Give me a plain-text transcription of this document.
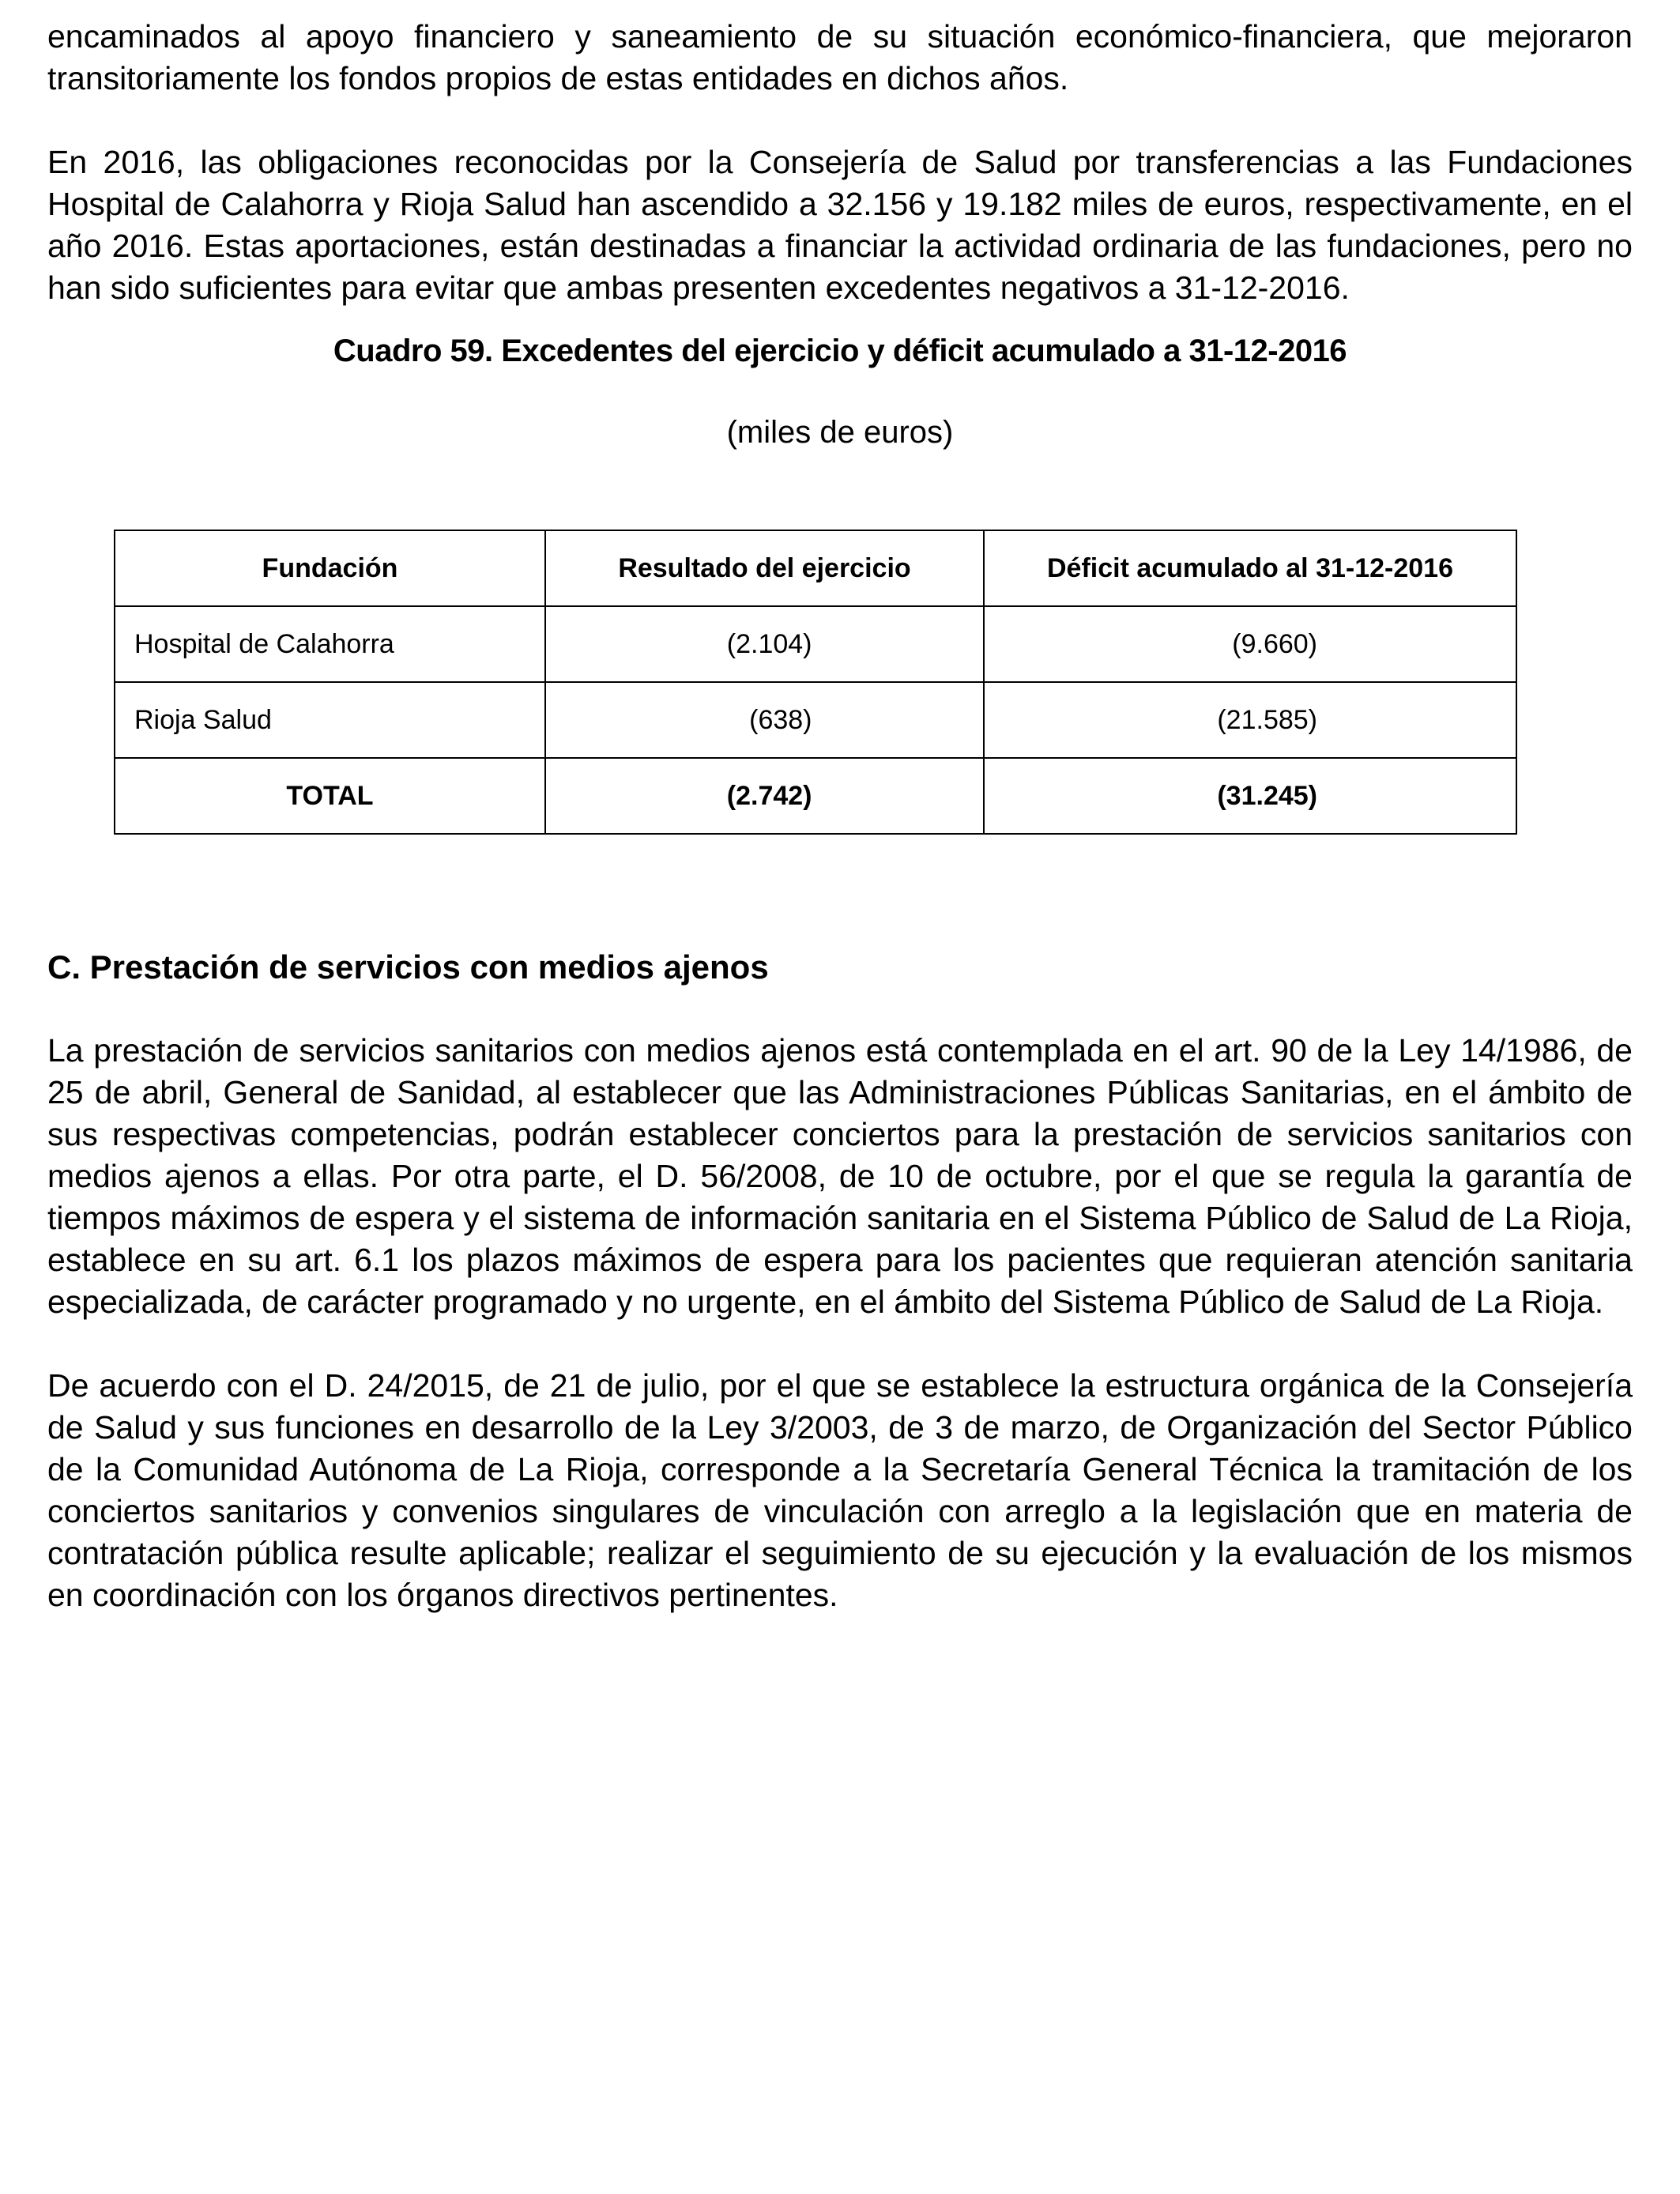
encaminados al apoyo financiero y saneamiento de su situación económico-financiera, que mejoraron transitoriamente los fondos propios de estas entidades en dichos años.

En 2016, las obligaciones reconocidas por la Consejería de Salud por transferencias a las Fundaciones Hospital de Calahorra y Rioja Salud han ascendido a 32.156 y 19.182 miles de euros, respectivamente, en el año 2016. Estas aportaciones, están destinadas a financiar la actividad ordinaria de las fundaciones, pero no han sido suficientes para evitar que ambas presenten excedentes negativos a 31-12-2016.

Cuadro 59. Excedentes del ejercicio y déficit acumulado a 31-12-2016

(miles de euros)

Fundación	Resultado del ejercicio	Déficit acumulado al 31-12-2016
Hospital de Calahorra	(2.104)	(9.660)
Rioja Salud	(638)	(21.585)
TOTAL	(2.742)	(31.245)

C. Prestación de servicios con medios ajenos

La prestación de servicios sanitarios con medios ajenos está contemplada en el art. 90 de la Ley 14/1986, de 25 de abril, General de Sanidad, al establecer que las Administraciones Públicas Sanitarias, en el ámbito de sus respectivas competencias, podrán establecer conciertos para la prestación de servicios sanitarios con medios ajenos a ellas. Por otra parte, el D. 56/2008, de 10 de octubre, por el que se regula la garantía de tiempos máximos de espera y el sistema de información sanitaria en el Sistema Público de Salud de La Rioja, establece en su art. 6.1 los plazos máximos de espera para los pacientes que requieran atención sanitaria especializada, de carácter programado y no urgente, en el ámbito del Sistema Público de Salud de La Rioja.

De acuerdo con el D. 24/2015, de 21 de julio, por el que se establece la estructura orgánica de la Consejería de Salud y sus funciones en desarrollo de la Ley 3/2003, de 3 de marzo, de Organización del Sector Público de la Comunidad Autónoma de La Rioja, corresponde a la Secretaría General Técnica la tramitación de los conciertos sanitarios y convenios singulares de vinculación con arreglo a la legislación que en materia de contratación pública resulte aplicable; realizar el seguimiento de su ejecución y la evaluación de los mismos en coordinación con los órganos directivos pertinentes.
